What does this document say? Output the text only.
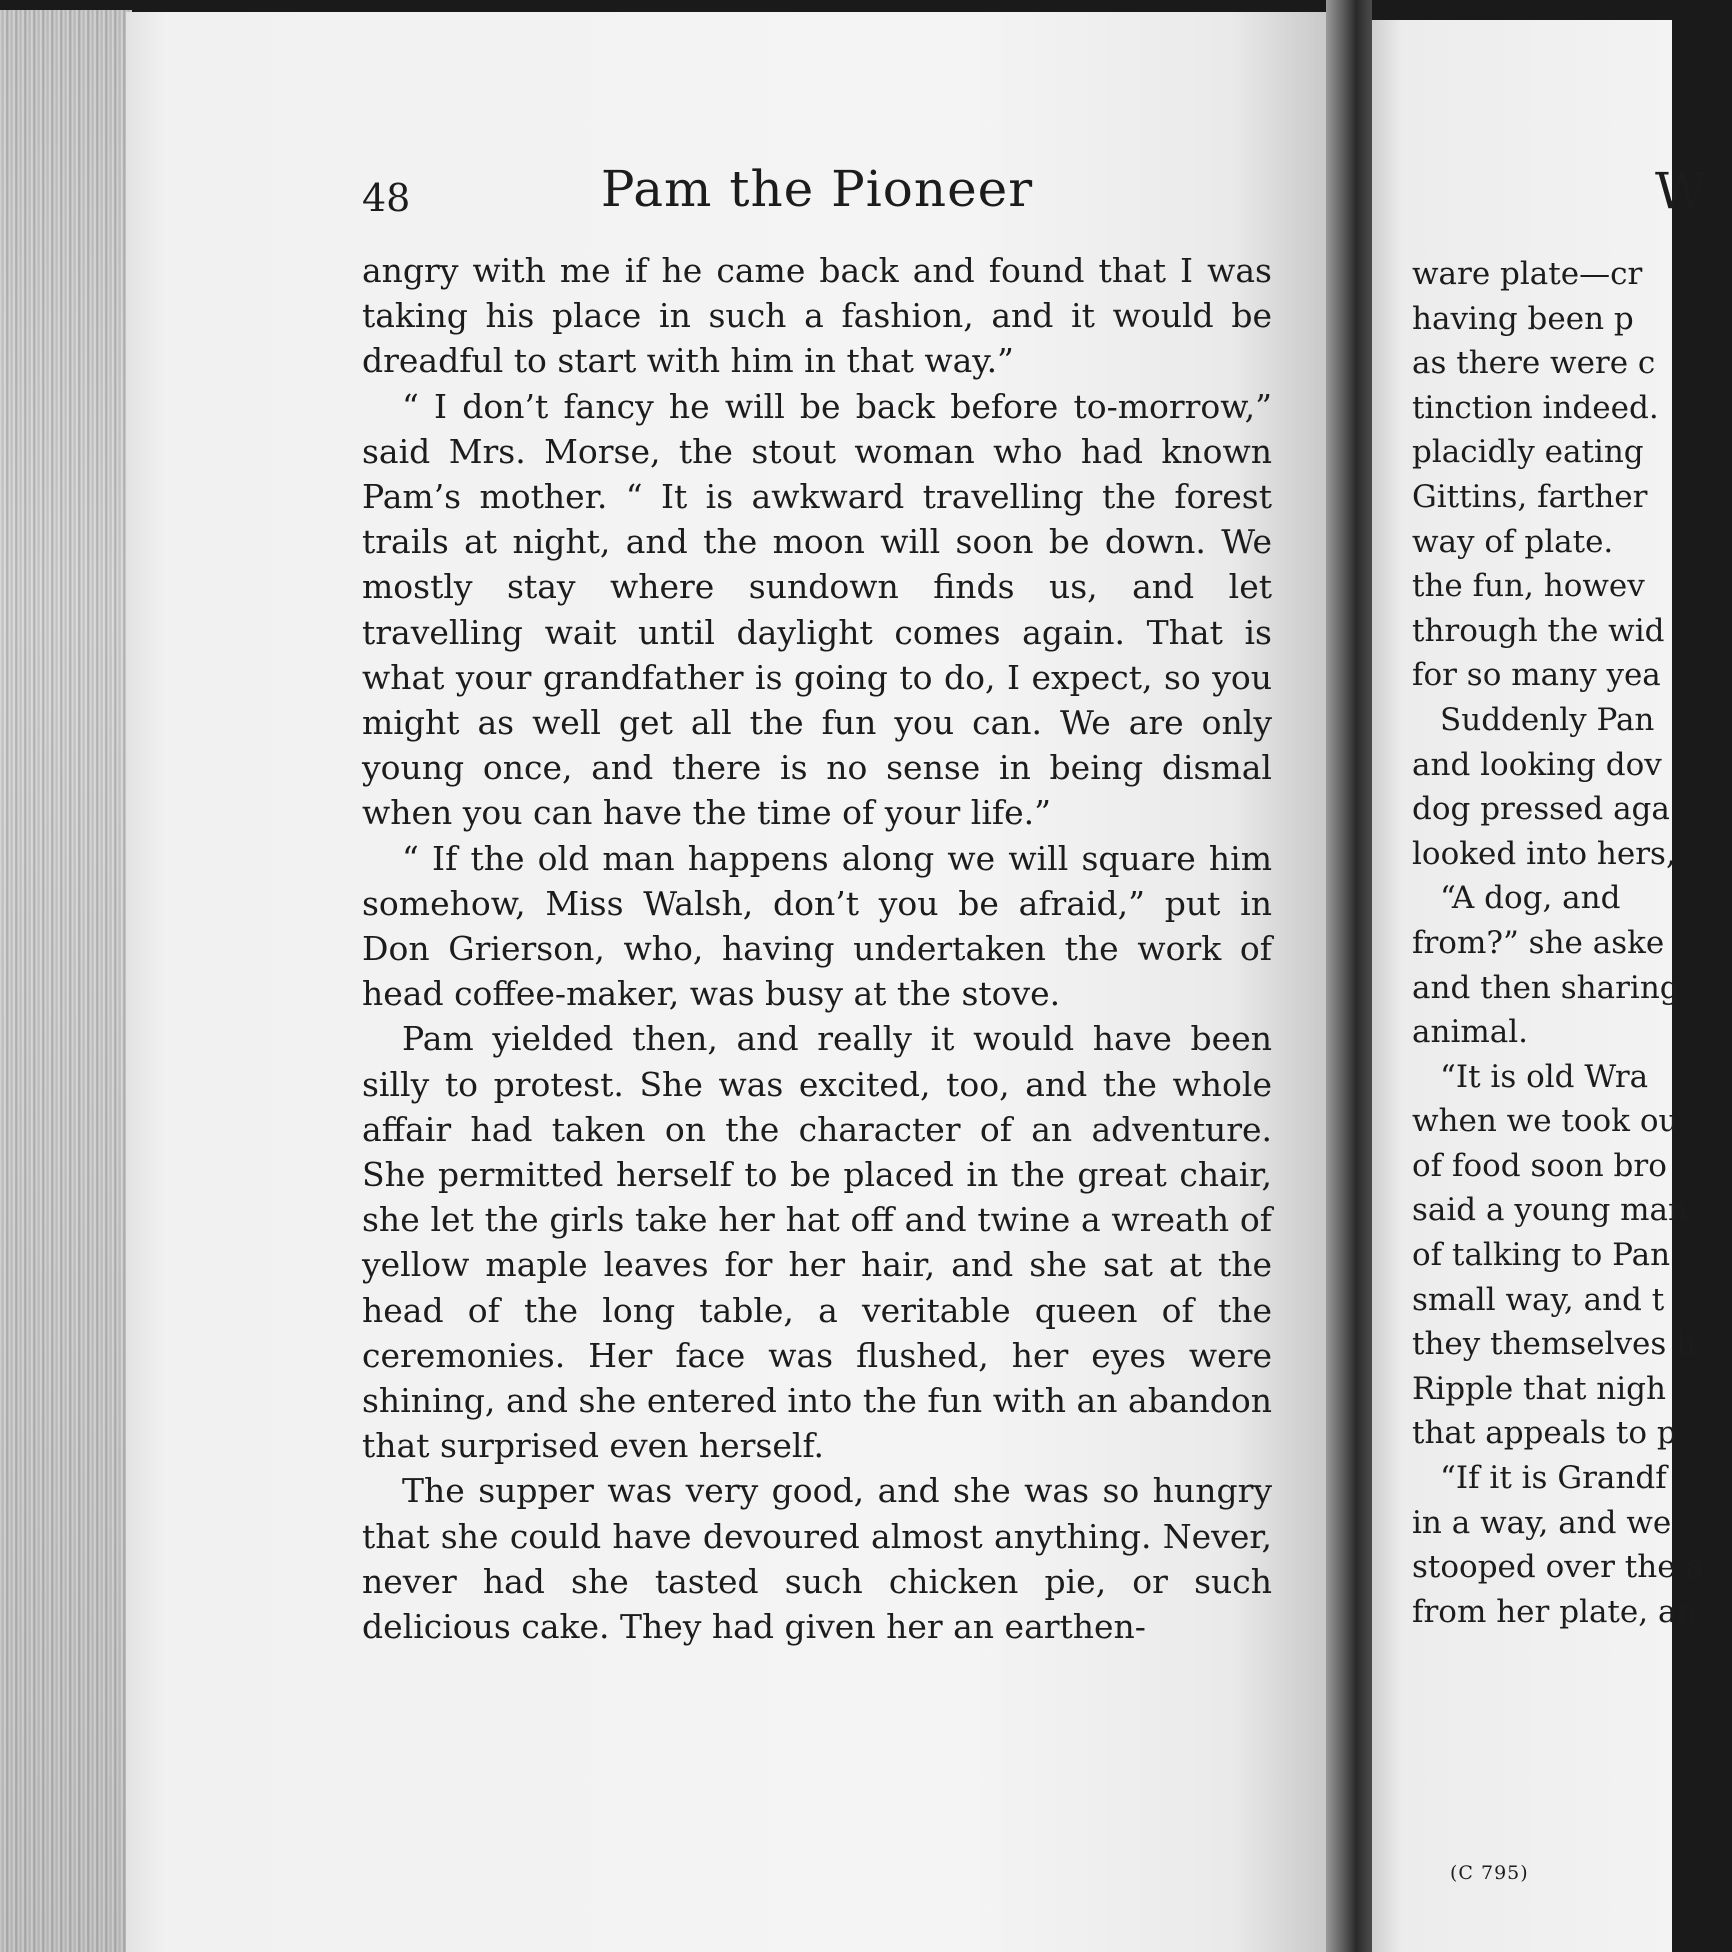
48	Pam the Pioneer

angry with me if he came back and found that I was taking his place in such a fashion, and it would be dreadful to start with him in that way.”

“ I don’t fancy he will be back before to-morrow,” said Mrs. Morse, the stout woman who had known Pam’s mother. “ It is awkward travelling the forest trails at night, and the moon will soon be down. We mostly stay where sundown finds us, and let travelling wait until daylight comes again. That is what your grandfather is going to do, I expect, so you might as well get all the fun you can. We are only young once, and there is no sense in being dismal when you can have the time of your life.”

“ If the old man happens along we will square him somehow, Miss Walsh, don’t you be afraid,” put in Don Grierson, who, having undertaken the work of head coffee-maker, was busy at the stove.

Pam yielded then, and really it would have been silly to protest. She was excited, too, and the whole affair had taken on the character of an adventure. She permitted herself to be placed in the great chair, she let the girls take her hat off and twine a wreath of yellow maple leaves for her hair, and she sat at the head of the long table, a veritable queen of the ceremonies. Her face was flushed, her eyes were shining, and she entered into the fun with an abandon that surprised even herself.

The supper was very good, and she was so hungry that she could have devoured almost anything. Never, never had she tasted such chicken pie, or such delicious cake. They had given her an earthen-

W
ware plate—cr
having been p
as there were c
tinction indeed.
placidly eating
Gittins, farther
way of plate.
the fun, howev
through the wid
for so many yea
Suddenly Pan
and looking dov
dog pressed aga
looked into hers,
“A dog, and
from?” she aske
and then sharing
animal.
“It is old Wra
when we took ou
of food soon bro
said a young man
of talking to Pan
small way, and t
they themselves h
Ripple that nigh
that appeals to p
“If it is Grandf
in a way, and we
stooped over the a
from her plate, an
(C 795)
